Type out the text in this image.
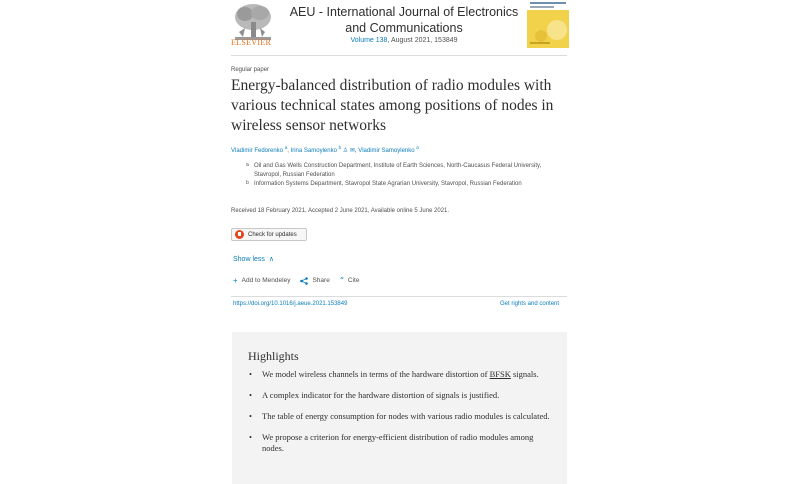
ELSEVIER
AEU - International Journal of Electronics and Communications
Volume 138, August 2021, 153849
Regular paper
Energy-balanced distribution of radio modules with various technical states among positions of nodes in wireless sensor networks
Vladimir Fedorenko $^a$, Irina Samoylenko $^b$ ♙ ✉, Vladimir Samoylenko $^a$
a Oil and Gas Wells Construction Department, Institute of Earth Sciences, North-Caucasus Federal University, Stavropol, Russian Federation
b Information Systems Department, Stavropol State Agrarian University, Stavropol, Russian Federation
Received 18 February 2021, Accepted 2 June 2021, Available online 5 June 2021.
Check for updates
Show less ∧
+ Add to Mendeley	Share ” Cite
https://doi.org/10.1016/j.aeue.2021.153849	Get rights and content
Highlights
• We model wireless channels in terms of the hardware distortion of BFSK signals.
• A complex indicator for the hardware distortion of signals is justified.
• The table of energy consumption for nodes with various radio modules is calculated.
• We propose a criterion for energy-efficient distribution of radio modules among nodes.
